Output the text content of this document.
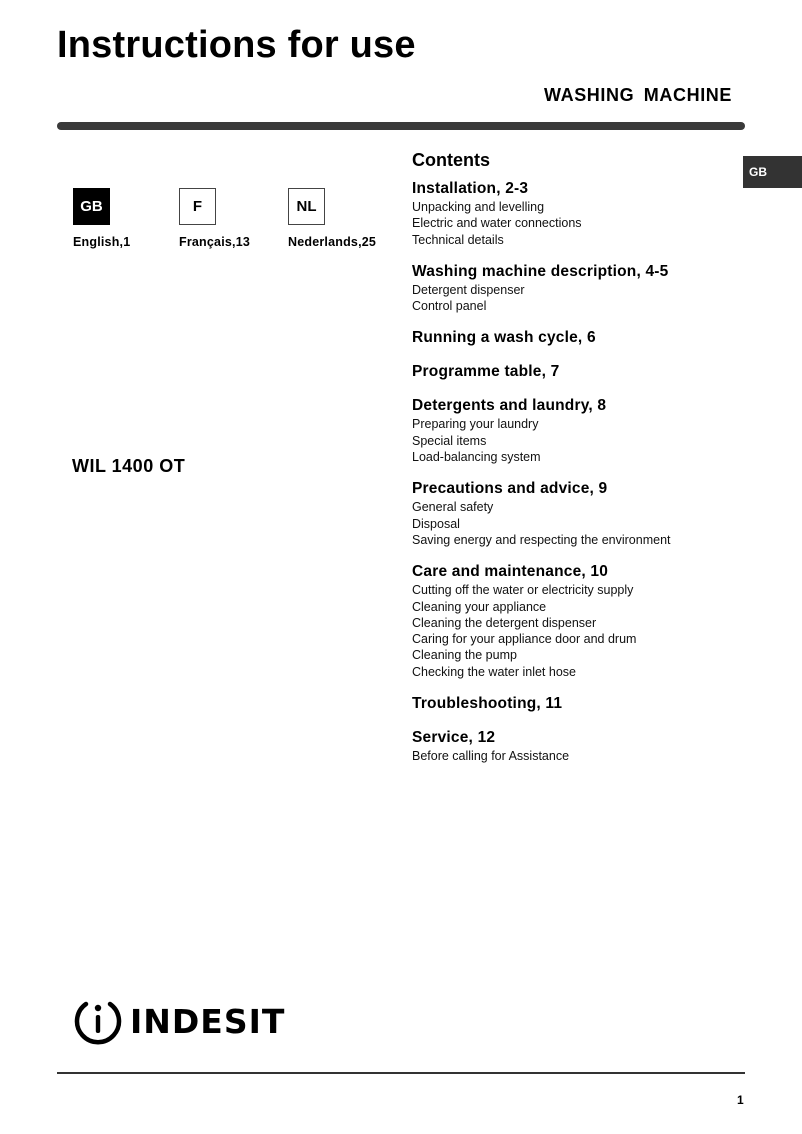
Instructions for use
WASHING MACHINE
GB
GB
English,1
F
Français,13
NL
Nederlands,25
WIL 1400 OT
Contents
Installation, 2-3
Unpacking and levelling
Electric and water connections
Technical details
Washing machine description, 4-5
Detergent dispenser
Control panel
Running a wash cycle, 6
Programme table, 7
Detergents and laundry, 8
Preparing your laundry
Special items
Load-balancing system
Precautions and advice, 9
General safety
Disposal
Saving energy and respecting the environment
Care and maintenance, 10
Cutting off the water or electricity supply
Cleaning your appliance
Cleaning the detergent dispenser
Caring for your appliance door and drum
Cleaning the pump
Checking the water inlet hose
Troubleshooting, 11
Service, 12
Before calling for Assistance
INDESIT
1
